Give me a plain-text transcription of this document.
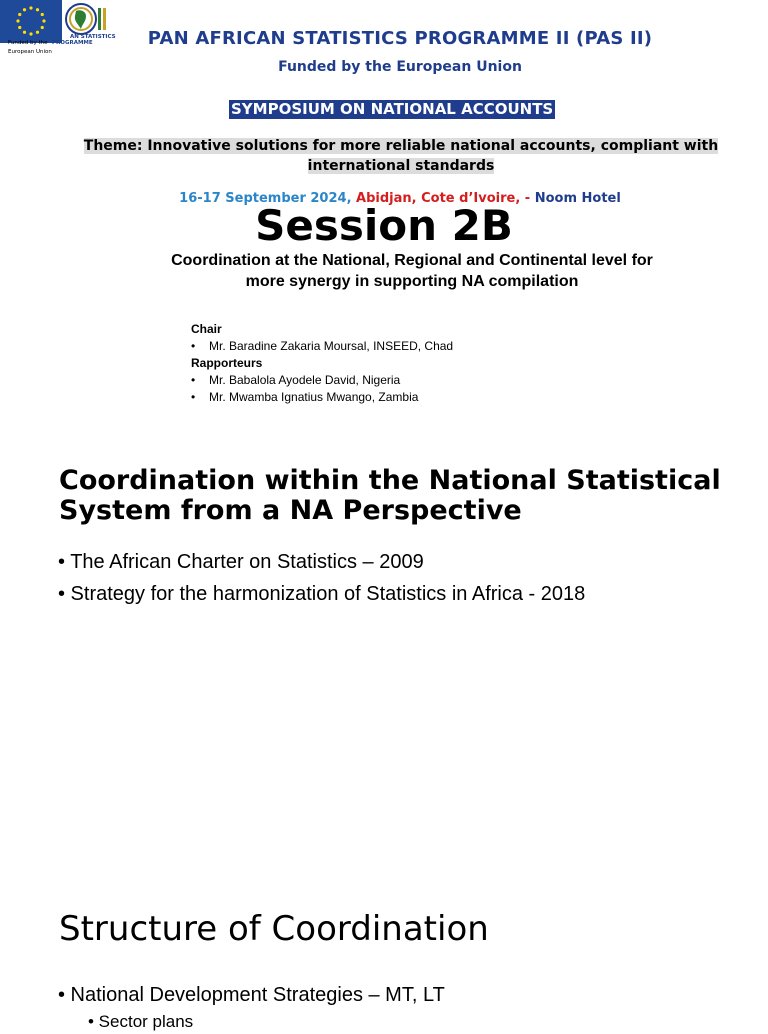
Funded by the
AN STATISTICS
PROGRAMME
European Union
PAN AFRICAN STATISTICS PROGRAMME II (PAS II)
Funded by the European Union
SYMPOSIUM ON NATIONAL ACCOUNTS
Theme: Innovative solutions for more reliable national accounts, compliant with international standards
16-17 September 2024, Abidjan, Cote d’Ivoire, - Noom Hotel
Session 2B
Coordination at the National, Regional and Continental level for more synergy in supporting NA compilation
Chair
• Mr. Baradine Zakaria Moursal, INSEED, Chad
Rapporteurs
• Mr. Babalola Ayodele David, Nigeria
• Mr. Mwamba Ignatius Mwango, Zambia
Coordination within the National Statistical System from a NA Perspective
• The African Charter on Statistics – 2009
• Strategy for the harmonization of Statistics in Africa - 2018
Structure of Coordination
• National Development Strategies – MT, LT
• Sector plans
